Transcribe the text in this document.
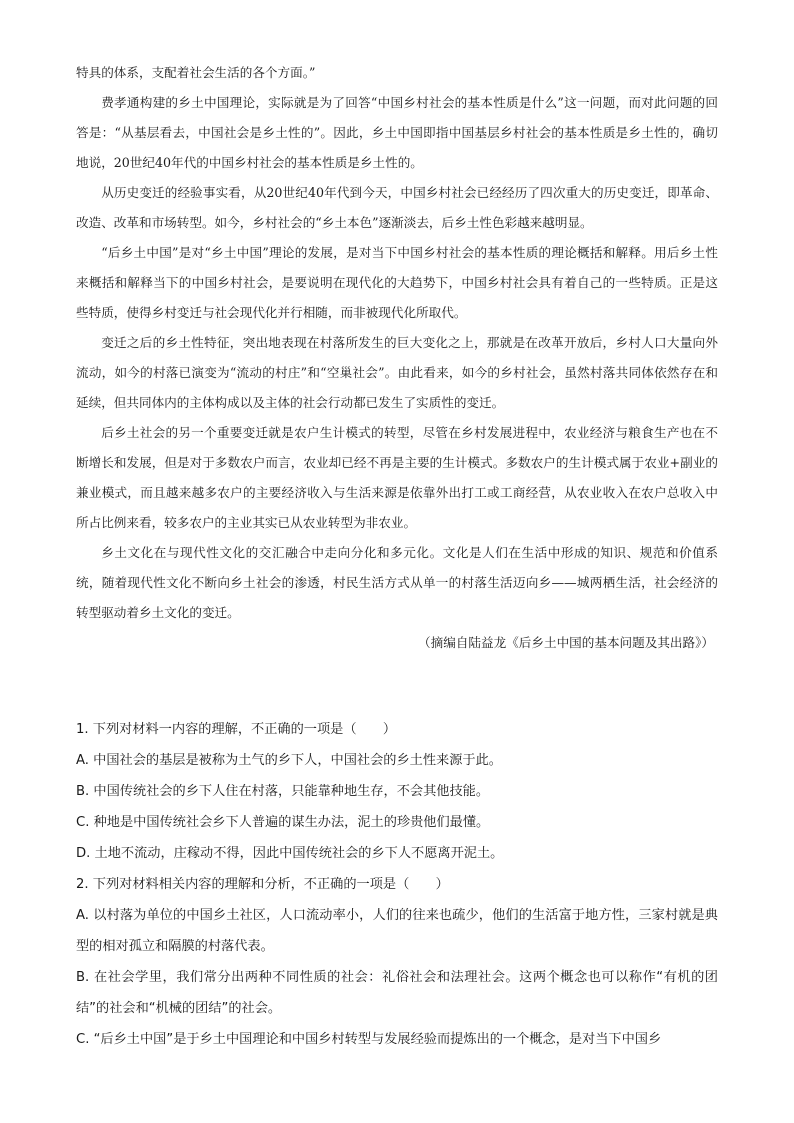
特具的体系，支配着社会生活的各个方面。”

费孝通构建的乡土中国理论，实际就是为了回答“中国乡村社会的基本性质是什么”这一问题，而对此问题的回答是：“从基层看去，中国社会是乡土性的”。因此，乡土中国即指中国基层乡村社会的基本性质是乡土性的，确切地说，20世纪40年代的中国乡村社会的基本性质是乡土性的。

从历史变迁的经验事实看，从20世纪40年代到今天，中国乡村社会已经经历了四次重大的历史变迁，即革命、改造、改革和市场转型。如今，乡村社会的“乡土本色”逐渐淡去，后乡土性色彩越来越明显。

“后乡土中国”是对“乡土中国”理论的发展，是对当下中国乡村社会的基本性质的理论概括和解释。用后乡土性来概括和解释当下的中国乡村社会，是要说明在现代化的大趋势下，中国乡村社会具有着自己的一些特质。正是这些特质，使得乡村变迁与社会现代化并行相随，而非被现代化所取代。

变迁之后的乡土性特征，突出地表现在村落所发生的巨大变化之上，那就是在改革开放后，乡村人口大量向外流动，如今的村落已演变为“流动的村庄”和“空巢社会”。由此看来，如今的乡村社会，虽然村落共同体依然存在和延续，但共同体内的主体构成以及主体的社会行动都已发生了实质性的变迁。

后乡土社会的另一个重要变迁就是农户生计模式的转型，尽管在乡村发展进程中，农业经济与粮食生产也在不断增长和发展，但是对于多数农户而言，农业却已经不再是主要的生计模式。多数农户的生计模式属于农业+副业的兼业模式，而且越来越多农户的主要经济收入与生活来源是依靠外出打工或工商经营，从农业收入在农户总收入中所占比例来看，较多农户的主业其实已从农业转型为非农业。

乡土文化在与现代性文化的交汇融合中走向分化和多元化。文化是人们在生活中形成的知识、规范和价值系统，随着现代性文化不断向乡土社会的渗透，村民生活方式从单一的村落生活迈向乡——城两栖生活，社会经济的转型驱动着乡土文化的变迁。

（摘编自陆益龙《后乡土中国的基本问题及其出路》）

1. 下列对材料一内容的理解，不正确的一项是（　　）

A. 中国社会的基层是被称为土气的乡下人，中国社会的乡土性来源于此。

B. 中国传统社会的乡下人住在村落，只能靠种地生存，不会其他技能。

C. 种地是中国传统社会乡下人普遍的谋生办法，泥土的珍贵他们最懂。

D. 土地不流动，庄稼动不得，因此中国传统社会的乡下人不愿离开泥土。

2. 下列对材料相关内容的理解和分析，不正确的一项是（　　）

A. 以村落为单位的中国乡土社区，人口流动率小，人们的往来也疏少，他们的生活富于地方性，三家村就是典型的相对孤立和隔膜的村落代表。

B. 在社会学里，我们常分出两种不同性质的社会：礼俗社会和法理社会。这两个概念也可以称作“有机的团结”的社会和“机械的团结”的社会。

C. “后乡土中国”是于乡土中国理论和中国乡村转型与发展经验而提炼出的一个概念，是对当下中国乡
